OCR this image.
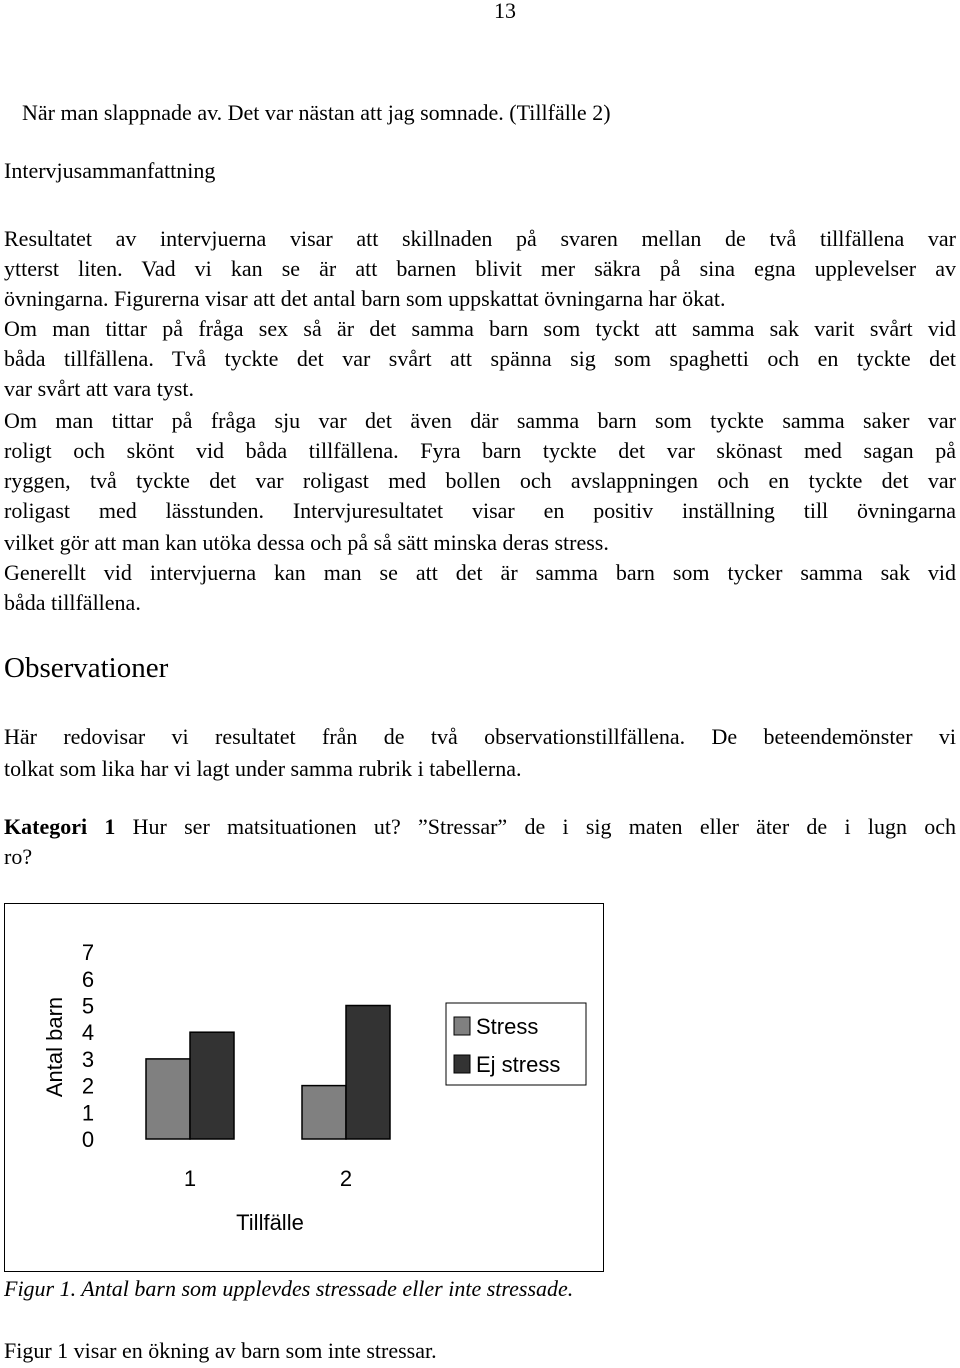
13
När man slappnade av. Det var nästan att jag somnade. (Tillfälle 2)
Intervjusammanfattning
Resultatet av intervjuerna visar att skillnaden på svaren mellan de två tillfällena var
ytterst liten. Vad vi kan se är att barnen blivit mer säkra på sina egna upplevelser av
övningarna. Figurerna visar att det antal barn som uppskattat övningarna har ökat.
Om man tittar på fråga sex så är det samma barn som tyckt att samma sak varit svårt vid
båda tillfällena. Två tyckte det var svårt att spänna sig som spaghetti och en tyckte det
var svårt att vara tyst.
Om man tittar på fråga sju var det även där samma barn som tyckte samma saker var
roligt och skönt vid båda tillfällena. Fyra barn tyckte det var skönast med sagan på
ryggen, två tyckte det var roligast med bollen och avslappningen och en tyckte det var
roligast med lässtunden. Intervjuresultatet visar en positiv inställning till övningarna
vilket gör att man kan utöka dessa och på så sätt minska deras stress.
Generellt vid intervjuerna kan man se att det är samma barn som tycker samma sak vid
båda tillfällena.
Observationer
Här redovisar vi resultatet från de två observationstillfällena. De beteendemönster vi
tolkat som lika har vi lagt under samma rubrik i tabellerna.
Kategori 1 Hur ser matsituationen ut? ”Stressar” de i sig maten eller äter de i lugn och
ro?
Antal barn
0
1
2
3
4
5
6
7
1	2
Tillfälle
Stress
Ej stress
Figur 1. Antal barn som upplevdes stressade eller inte stressade.
Figur 1 visar en ökning av barn som inte stressar.
